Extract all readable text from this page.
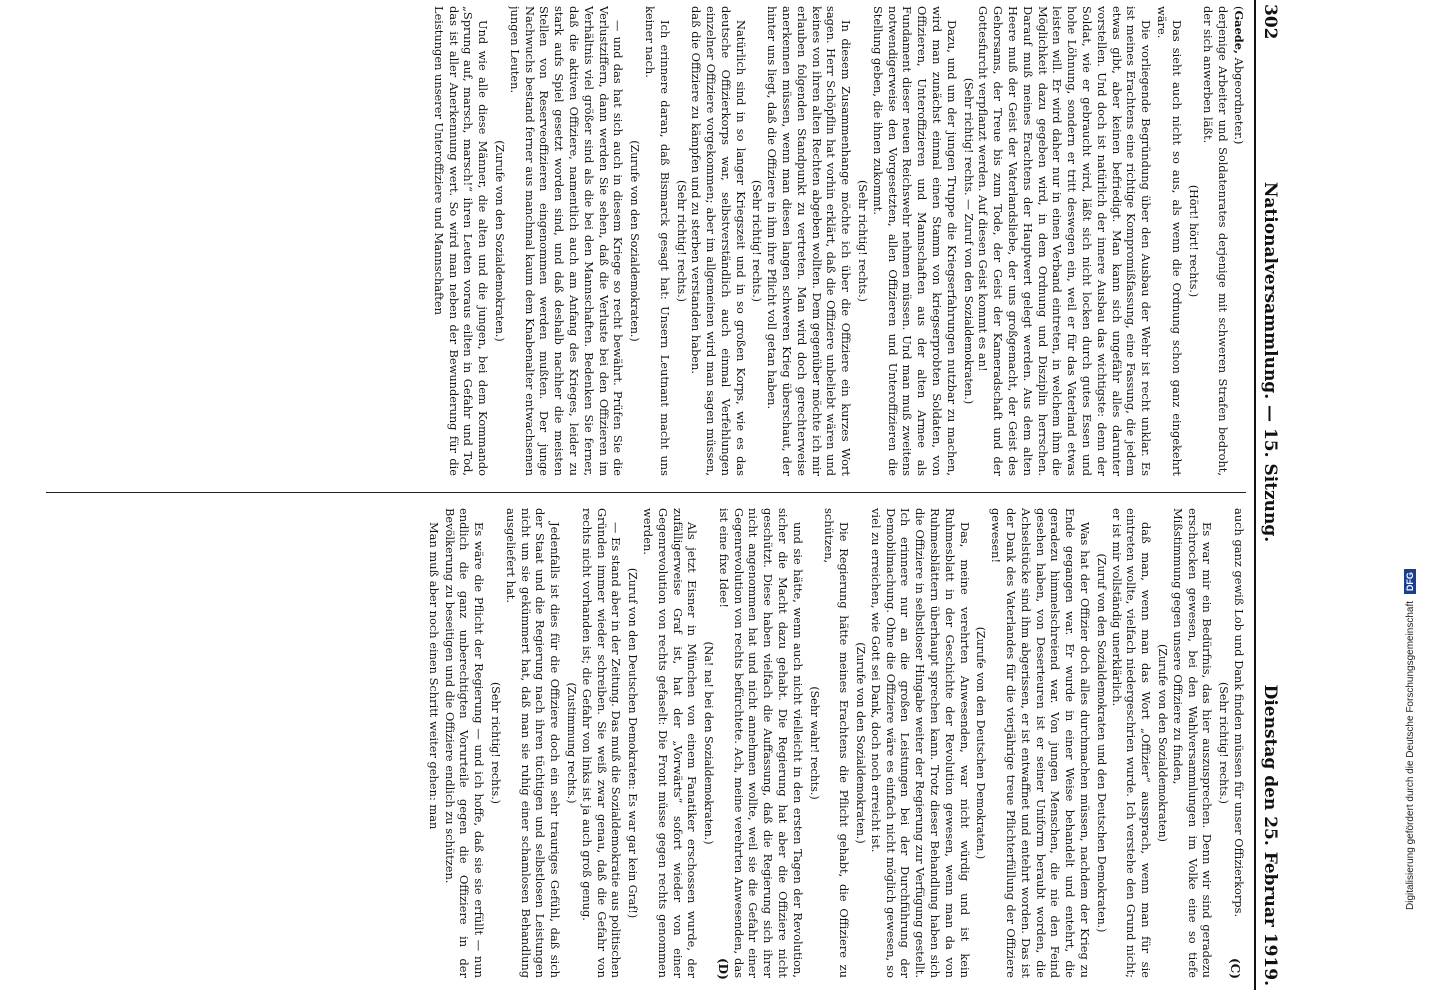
302
Nationalversammlung. — 15. Sitzung.
Dienstag den 25. Februar 1919.
(C)
(D)

(Gaede, Abgeordneter.)

derjenige Arbeiter und Soldatenrates derjenige mit schweren Strafen bedroht, der sich anwerben läßt.

(Hört! hört! rechts.)

Das sieht auch nicht so aus, als wenn die Ordnung schon ganz eingekehrt wäre.

Die vorliegende Begründung über den Ausbau der Wehr ist recht unklar. Es ist meines Erachtens eine richtige Kompromißfassung, eine Fassung, die jedem etwas gibt, aber keinen befriedigt. Man kann sich ungefähr alles darunter vorstellen. Und doch ist natürlich der innere Ausbau das wichtigste: denn der Soldat, wie er gebraucht wird, läßt sich nicht locken durch gutes Essen und hohe Löhnung, sondern er tritt deswegen ein, weil er für das Vaterland etwas leisten will. Er wird daher nur in einen Verband eintreten, in welchem ihm die Möglichkeit dazu gegeben wird, in dem Ordnung und Disziplin herrschen. Darauf muß meines Erachtens der Hauptwert gelegt werden. Aus dem alten Heere muß der Geist der Vaterlandsliebe, der uns großgemacht, der Geist des Gehorsams, der Treue bis zum Tode, der Geist der Kameradschaft und der Gottesfurcht verpflanzt werden. Auf diesen Geist kommt es an!

(Sehr richtig! rechts. — Zuruf von den Sozialdemokraten.)

Dazu, und um der jungen Truppe die Kriegserfahrungen nutzbar zu machen, wird man zunächst einmal einen Stamm von kriegserprobten Soldaten, von Offizieren, Unteroffizieren und Mannschaften aus der alten Armee als Fundament dieser neuen Reichswehr nehmen müssen. Und man muß zweitens notwendigerweise den Vorgesetzten, allen Offizieren und Unteroffizieren die Stellung geben, die ihnen zukommt.

(Sehr richtig! rechts.)

In diesem Zusammenhange möchte ich über die Offiziere ein kurzes Wort sagen. Herr Schöpflin hat vorhin erklärt, daß die Offiziere unbeliebt wären und keines von ihren alten Rechten abgeben wollten. Dem gegenüber möchte ich mir erlauben folgenden Standpunkt zu vertreten. Man wird doch gerechterweise anerkennen müssen, wenn man diesen langen schweren Krieg überschaut, der hinter uns liegt, daß die Offiziere in ihm ihre Pflicht voll getan haben.

(Sehr richtig! rechts.)

Natürlich sind in so langer Kriegszeit und in so großen Korps, wie es das deutsche Offizierkorps war, selbstverständlich auch einmal Verfehlungen einzelner Offiziere vorgekommen; aber im allgemeinen wird man sagen müssen, daß die Offiziere zu kämpfen und zu sterben verstanden haben.

(Sehr richtig! rechts.)

Ich erinnere daran, daß Bismarck gesagt hat: Unsern Leutnant macht uns keiner nach.

(Zurufe von den Sozialdemokraten.)

— und das hat sich auch in diesem Kriege so recht bewährt. Prüfen Sie die Verlustziffern, dann werden Sie sehen, daß die Verluste bei den Offizieren im Verhältnis viel größer sind als die bei den Mannschaften. Bedenken Sie ferner, daß die aktiven Offiziere, namentlich auch am Anfang des Krieges, leider zu stark aufs Spiel gesetzt worden sind, und daß deshalb nachher die meisten Stellen von Reserveoffizieren eingenommen werden mußten. Der junge Nachwuchs bestand ferner aus manchmal kaum dem Knabenalter entwachsenen jungen Leuten.

(Zurufe von den Sozialdemokraten.)

Und wie alle diese Männer, die alten und die jungen, bei dem Kommando „Sprung auf, marsch, marsch!“ ihren Leuten voraus eilten in Gefahr und Tod, das ist aller Anerkennung wert. So wird man neben der Bewunderung für die Leistungen unserer Unteroffiziere und Mannschaften

auch ganz gewiß Lob und Dank finden müssen für unser Offizierkorps.

(Sehr richtig! rechts.)

Es war mir ein Bedürfnis, das hier auszusprechen. Denn wir sind geradezu erschrocken gewesen, bei den Wahlversammlungen im Volke eine so tiefe Mißstimmung gegen unsere Offiziere zu finden,

(Zurufe von den Sozialdemokraten)

daß man, wenn man das Wort „Offizier“ aussprach, wenn man für sie eintreten wollte, vielfach niedergeschrien wurde. Ich verstehe den Grund nicht; er ist mir vollständig unerklärlich.

(Zuruf von den Sozialdemokraten und den Deutschen Demokraten.)

Was hat der Offizier doch alles durchmachen müssen, nachdem der Krieg zu Ende gegangen war. Er wurde in einer Weise behandelt und entehrt, die geradezu himmelschreiend war. Von jungen Menschen, die nie den Feind gesehen haben, von Deserteuren ist er seiner Uniform beraubt worden, die Achselstücke sind ihm abgerissen, er ist entwaffnet und entehrt worden. Das ist der Dank des Vaterlandes für die vierjährige treue Pflichterfüllung der Offiziere gewesen!

(Zurufe von den Deutschen Demokraten.)

Das, meine verehrten Anwesenden, war nicht würdig und ist kein Ruhmesblatt in der Geschichte der Revolution gewesen, wenn man da von Ruhmesblättern überhaupt sprechen kann. Trotz dieser Behandlung haben sich die Offiziere in selbstloser Hingabe weiter der Regierung zur Verfügung gestellt. Ich erinnere nur an die großen Leistungen bei der Durchführung der Demobilmachung. Ohne die Offiziere wäre es einfach nicht möglich gewesen, so viel zu erreichen, wie Gott sei Dank, doch noch erreicht ist.

(Zurufe von den Sozialdemokraten.)

Die Regierung hätte meines Erachtens die Pflicht gehabt, die Offiziere zu schützen,

(Sehr wahr! rechts.)

und sie hätte, wenn auch nicht vielleicht in den ersten Tagen der Revolution, sicher die Macht dazu gehabt. Die Regierung hat aber die Offiziere nicht geschützt. Diese haben vielfach die Auffassung, daß die Regierung sich ihrer nicht angenommen hat und nicht annehmen wollte, weil sie die Gefahr einer Gegenrevolution von rechts befürchtete. Ach, meine verehrten Anwesenden, das ist eine fixe Idee!

(Na! na! bei den Sozialdemokraten.)

Als jetzt Eisner in München von einem Fanatiker erschossen wurde, der zufälligerweise Graf ist, hat der „Vorwärts“ sofort wieder von einer Gegenrevolution von rechts gefaselt: Die Front müsse gegen rechts genommen werden.

(Zuruf von den Deutschen Demokraten: Es war gar kein Graf!)

— Es stand aber in der Zeitung. Das muß die Sozialdemokratie aus politischen Gründen immer wieder schreiben. Sie weiß zwar genau, daß die Gefahr von rechts nicht vorhanden ist; die Gefahr von links ist ja auch groß genug.

(Zustimmung rechts.)

Jedenfalls ist dies für die Offiziere doch ein sehr trauriges Gefühl, daß sich der Staat und die Regierung nach ihren tüchtigen und selbstlosen Leistungen nicht um sie gekümmert hat, daß man sie ruhig einer schamlosen Behandlung ausgeliefert hat.

(Sehr richtig! rechts.)

Es wäre die Pflicht der Regierung — und ich hoffe, daß sie sie erfüllt — nun endlich die ganz unberechtigten Vorurteile gegen die Offiziere in der Bevölkerung zu beseitigen und die Offiziere endlich zu schützen.

Man muß aber noch einen Schritt weiter gehen: man	Digitalisierung gefördert durch die Deutsche Forschungsgemeinschaft DFG
